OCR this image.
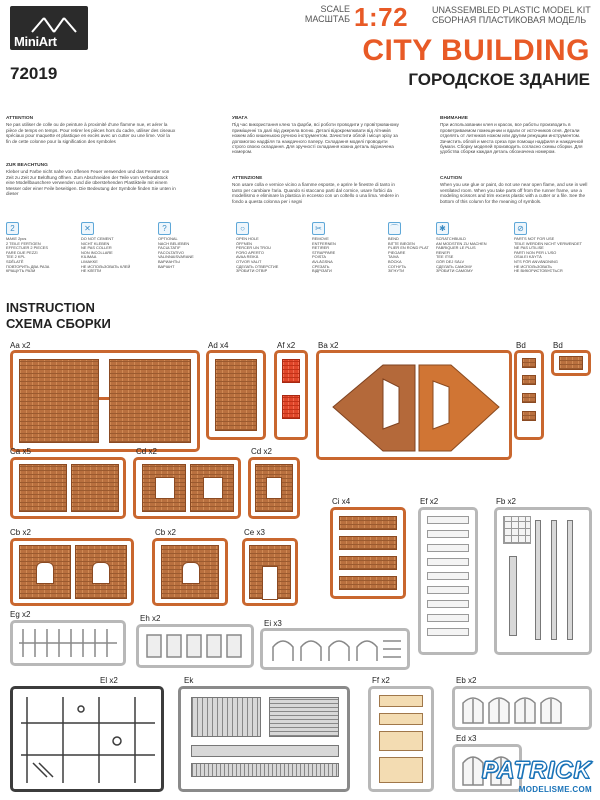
MiniArt
72019
SCALE
МАСШТАБ 1:72	UNASSEMBLED PLASTIC MODEL KIT
СБОРНАЯ ПЛАСТИКОВАЯ МОДЕЛЬ
CITY BUILDING
ГОРОДСКОЕ ЗДАНИЕ
ATTENTION
Ne pas utiliser de colle ou de peinture à proximité d'une flamme nue, et aérer la pièce de temps en temps. Pour retirer les pièces hors du cadre, utiliser des ciseaux spéciaux pour maquette et plastique en excès avec un cutter ou une lime. Voir la fin de cette colonne pour la signification des symboles
ZUR BEACHTUNG
Kleber und Farbe nicht nahe von offenen Feuer verwenden und das Fenster von Zeit zu Zeit zur Belüftung öffnen. Zum Abschneiden der Teile vom Verbundstück eine Modellbauschere verwenden und die überstehenden Plastikteile mit einem Messer oder einer Feile beseitigen. Die Bedeutung der Symbole finden Sie unten in dieser
УВАГА
Під час використання клею та фарби, всі роботи проводити у провітрюваному приміщенні та далі від джерела вогню. Деталі відокремлювати від літників ножем або кишенькою ручною інструментом. Зачистити облой і місця зрізу за допомогою надфіля та наждачного паперу. Складання моделі проводити строго своєю складання. Для зручності складання кожна деталь відзначена номером.
ATTENZIONE
Non usare colla e vernice vicino a fiamme esposte, e aprire le finestre di tanto in tanto per cambiare l'aria. Quando si staccano parti dal cornice, usare forbici da modellismo e eliminare la plastica in eccesso con un coltello o una lima. Vedere in fondo a questa colonna per i segni
ВНИМАНИЕ
При использовании клея и красок, все работы производить в проветриваемом помещении и вдали от источников огня. Детали отделять от литников ножом или другим режущим инструментом. Зачистить облой и места среза при помощи надфиля и наждачной бумаги. Сборку моделей производить согласно схемы сборки. Для удобства сборки каждая деталь обозначена номером.
CAUTION
When you use glue or paint, do not use near open flame, and use in well ventilated room. When you take parts off from the runner frame, use a modeling scissors and trim excess plastic with a cutter or a file. See the bottom of this column for the meaning of symbols.
2
MAKE 2pcs
2 TEILE FERTIGEN
EFFECTUER 2 PIECES
FARE DUE PEZZI
TEE 2 KPL
SDĚLATĚ
ПОВТОРИТЬ ДВА РАЗА
КРАЩУТЬ РАЗИ
✕
DO NOT CEMENT
NICHT KLEBEN
NE PAS COLLER
NON INCOLLARE
KILIMAA
LIMAKKE
НЕ ИСПОЛЬЗОВАТЬ КЛЕЙ
НЕ КЛЕЇТИ
?
OPTIONAL
NACH BELIEBEN
FACULTATIF
FACOLTATIVO
VALINNAISVARANE
ВАРИАНТЫ
ВАРІАНТ
○
OPEN HOLE
ÖFFNEN
PERCER UN TROU
FORO APERTO
AVAA REIKÄ
OTVOR VALIT
СДЕЛАТЬ ОТВЕРСТИЕ
ЗРОБИТИ ОТВІР
✂
REMOVE
ENTFERNEN
RETIRER
STRAPPARE
POISTA
AVLÄGSNA
СРЕЗАТЬ
ВІДРІЗАТИ
⌒
BEND
BITTE BIEGEN
PLIER EN ROND PLAT
PIEGARE
TAIVA
BÖCKA
СОГНУТЬ
ЗІГНУТИ
✱
SCRATCHBUILD
AM MODSTEN ZU MACHEN
FABRIQUER LE PLUS
RENEFI
TEE ITSE
GÖR DEJ SÄLV
СДЕЛАТЬ САМОМУ
ЗРОБИТИ САМОМУ
⊘
PARTS NOT FOR USE
TEILE WERDEN NICHT VERWENDET
NE PAS UTILISE
PARTI NON PER L'USO
OSIA EI KÄYTÄ
NTS FÖR ANVÄNDNING
НЕ ИСПОЛЬЗОВАТЬ
НЕ ВИКОРИСТОВУЄТЬСЯ
INSTRUCTION
СХЕМА СБОРКИ
Aa x2	Ad x4	Af x2	Ba x2	Bd	Bd
Ca x5	Cd x2	Cd x2
Ci x4	Ef x2	Fb x2
Cb x2	Cb x2	Ce x3
Eg x2	Eh x2
Ei x3
El x2	Ek	Ff x2	Eb x2
Ed x3
PATRICK
MODELISME.COM
